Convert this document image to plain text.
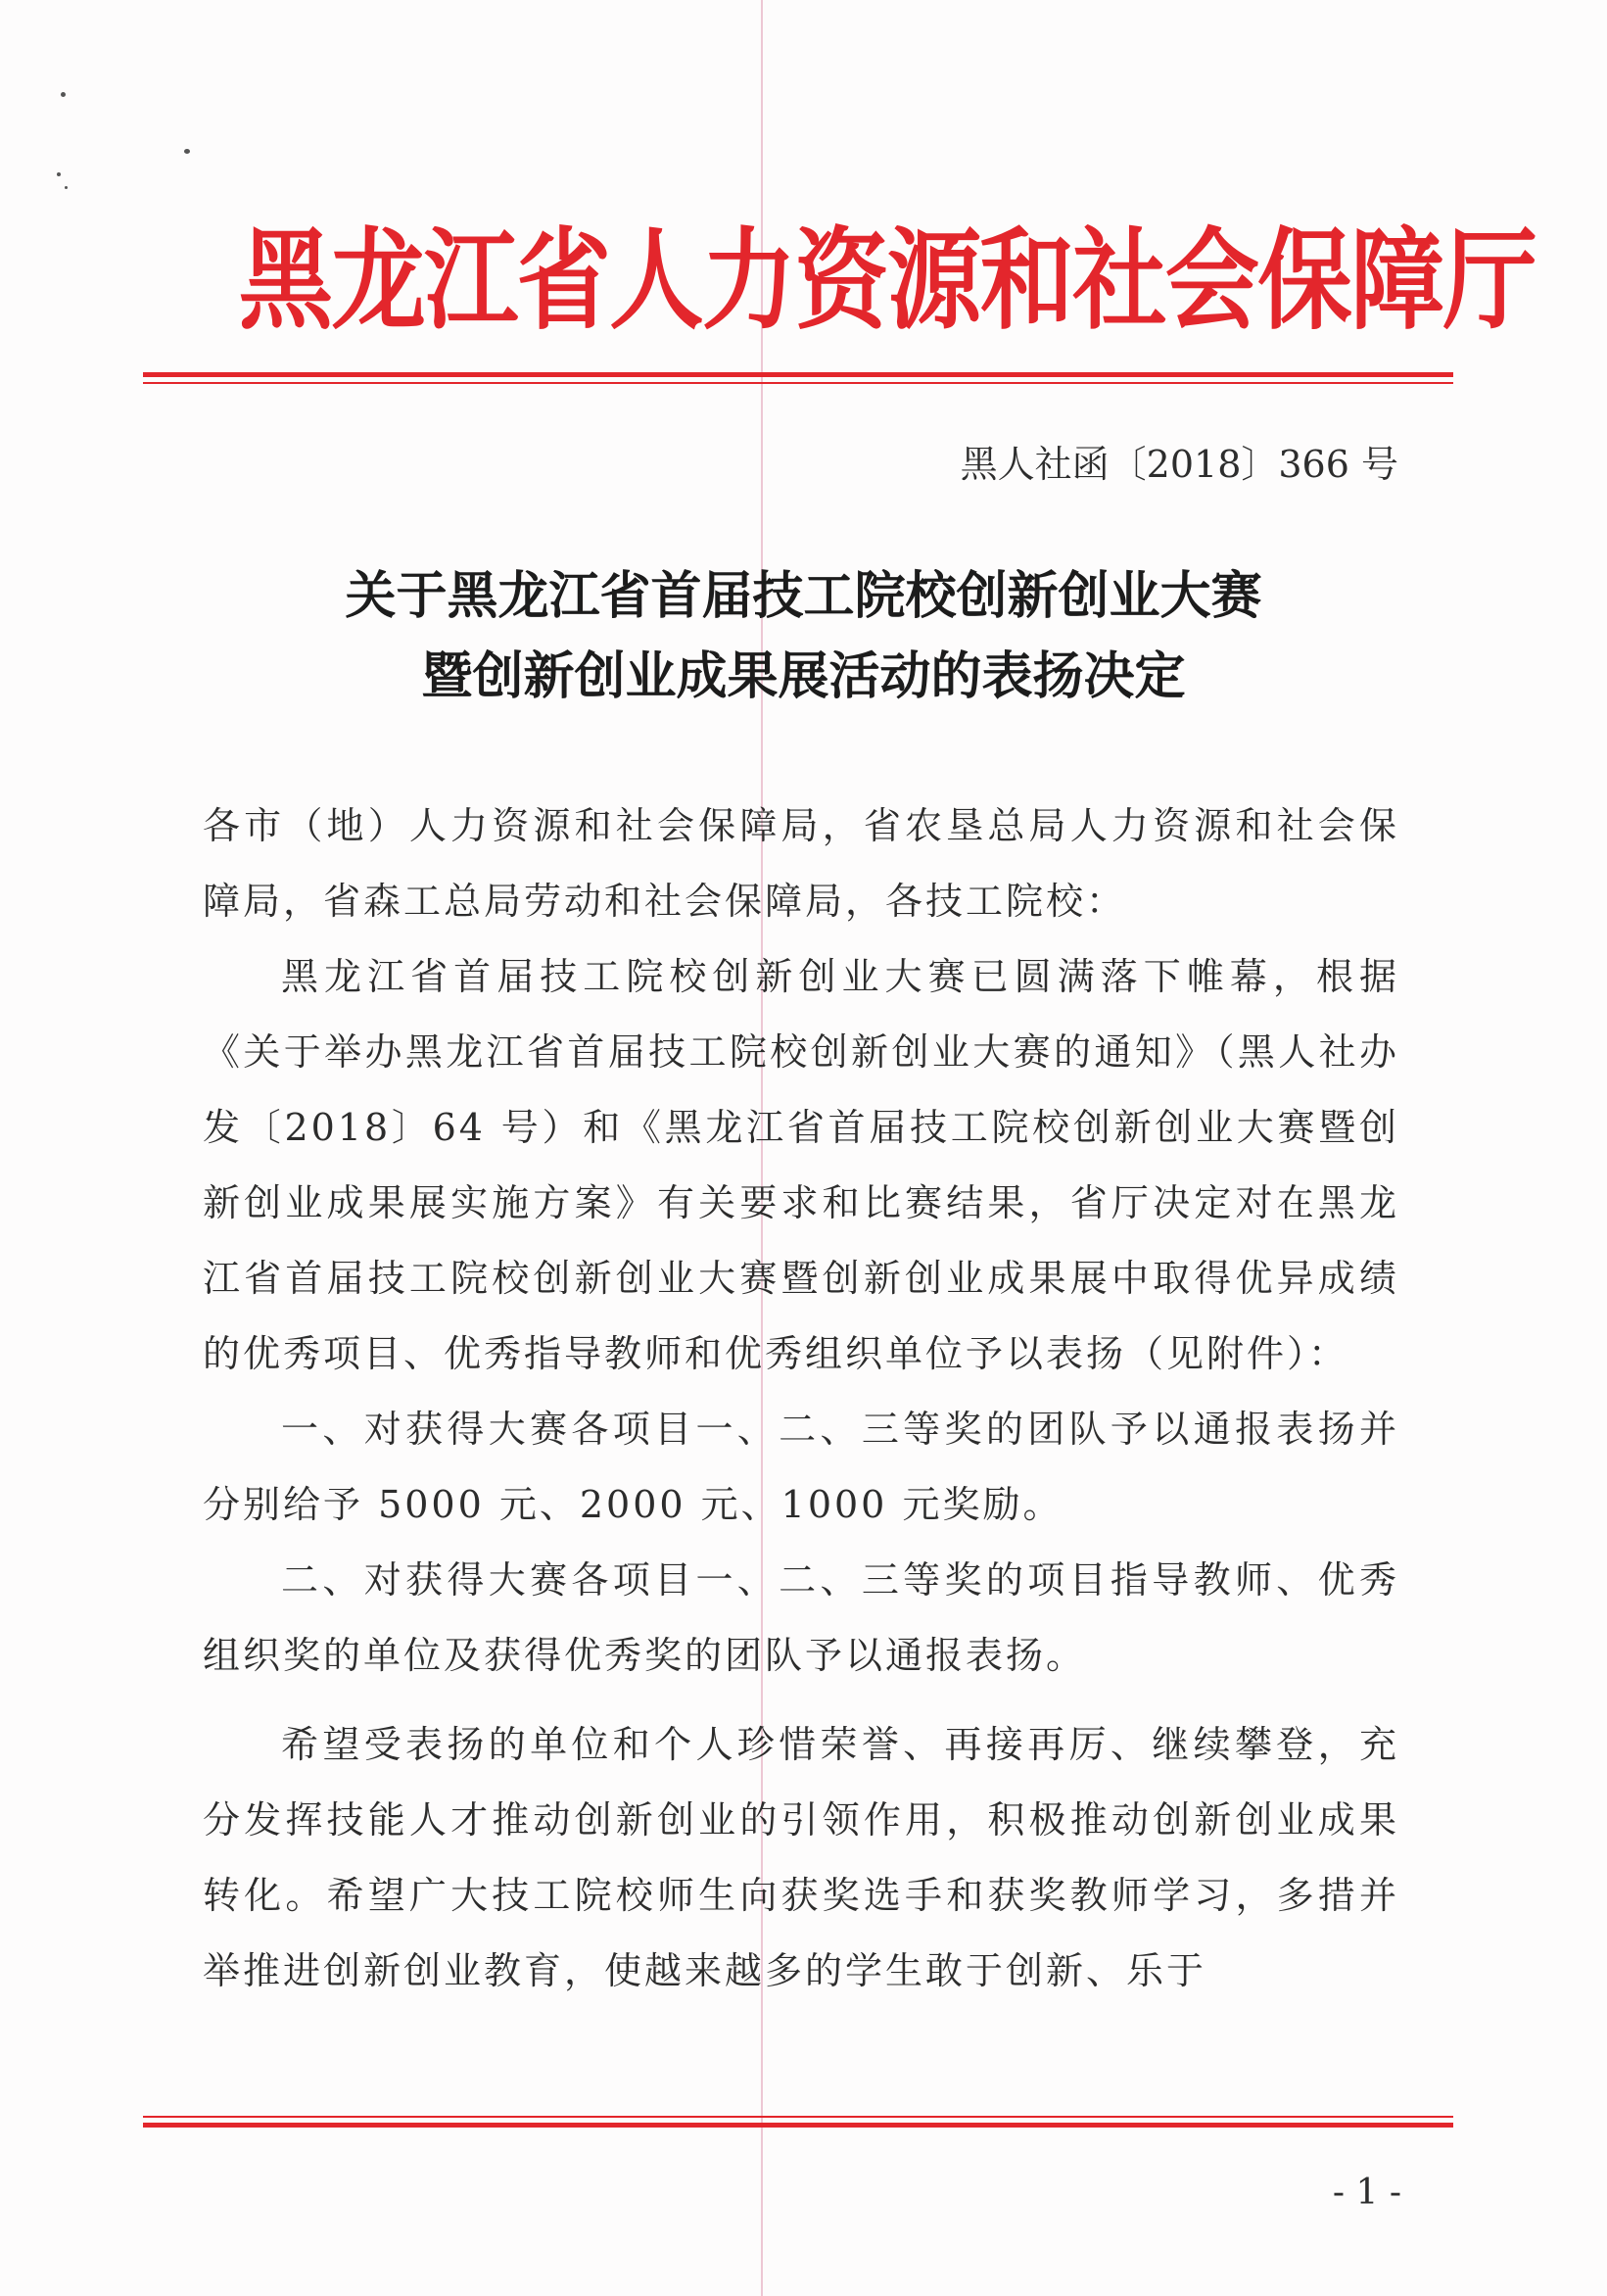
黑龙江省人力资源和社会保障厅
黑人社函〔2018〕366 号
关于黑龙江省首届技工院校创新创业大赛
暨创新创业成果展活动的表扬决定

各市（地）人力资源和社会保障局，省农垦总局人力资源和社会保障局，省森工总局劳动和社会保障局，各技工院校：

黑龙江省首届技工院校创新创业大赛已圆满落下帷幕，根据《关于举办黑龙江省首届技工院校创新创业大赛的通知》（黑人社办发〔2018〕64 号）和《黑龙江省首届技工院校创新创业大赛暨创新创业成果展实施方案》有关要求和比赛结果，省厅决定对在黑龙江省首届技工院校创新创业大赛暨创新创业成果展中取得优异成绩的优秀项目、优秀指导教师和优秀组织单位予以表扬（见附件）：

一、对获得大赛各项目一、二、三等奖的团队予以通报表扬并分别给予 5000 元、2000 元、1000 元奖励。

二、对获得大赛各项目一、二、三等奖的项目指导教师、优秀组织奖的单位及获得优秀奖的团队予以通报表扬。

希望受表扬的单位和个人珍惜荣誉、再接再厉、继续攀登，充分发挥技能人才推动创新创业的引领作用，积极推动创新创业成果转化。希望广大技工院校师生向获奖选手和获奖教师学习，多措并举推进创新创业教育，使越来越多的学生敢于创新、乐于

- 1 -
